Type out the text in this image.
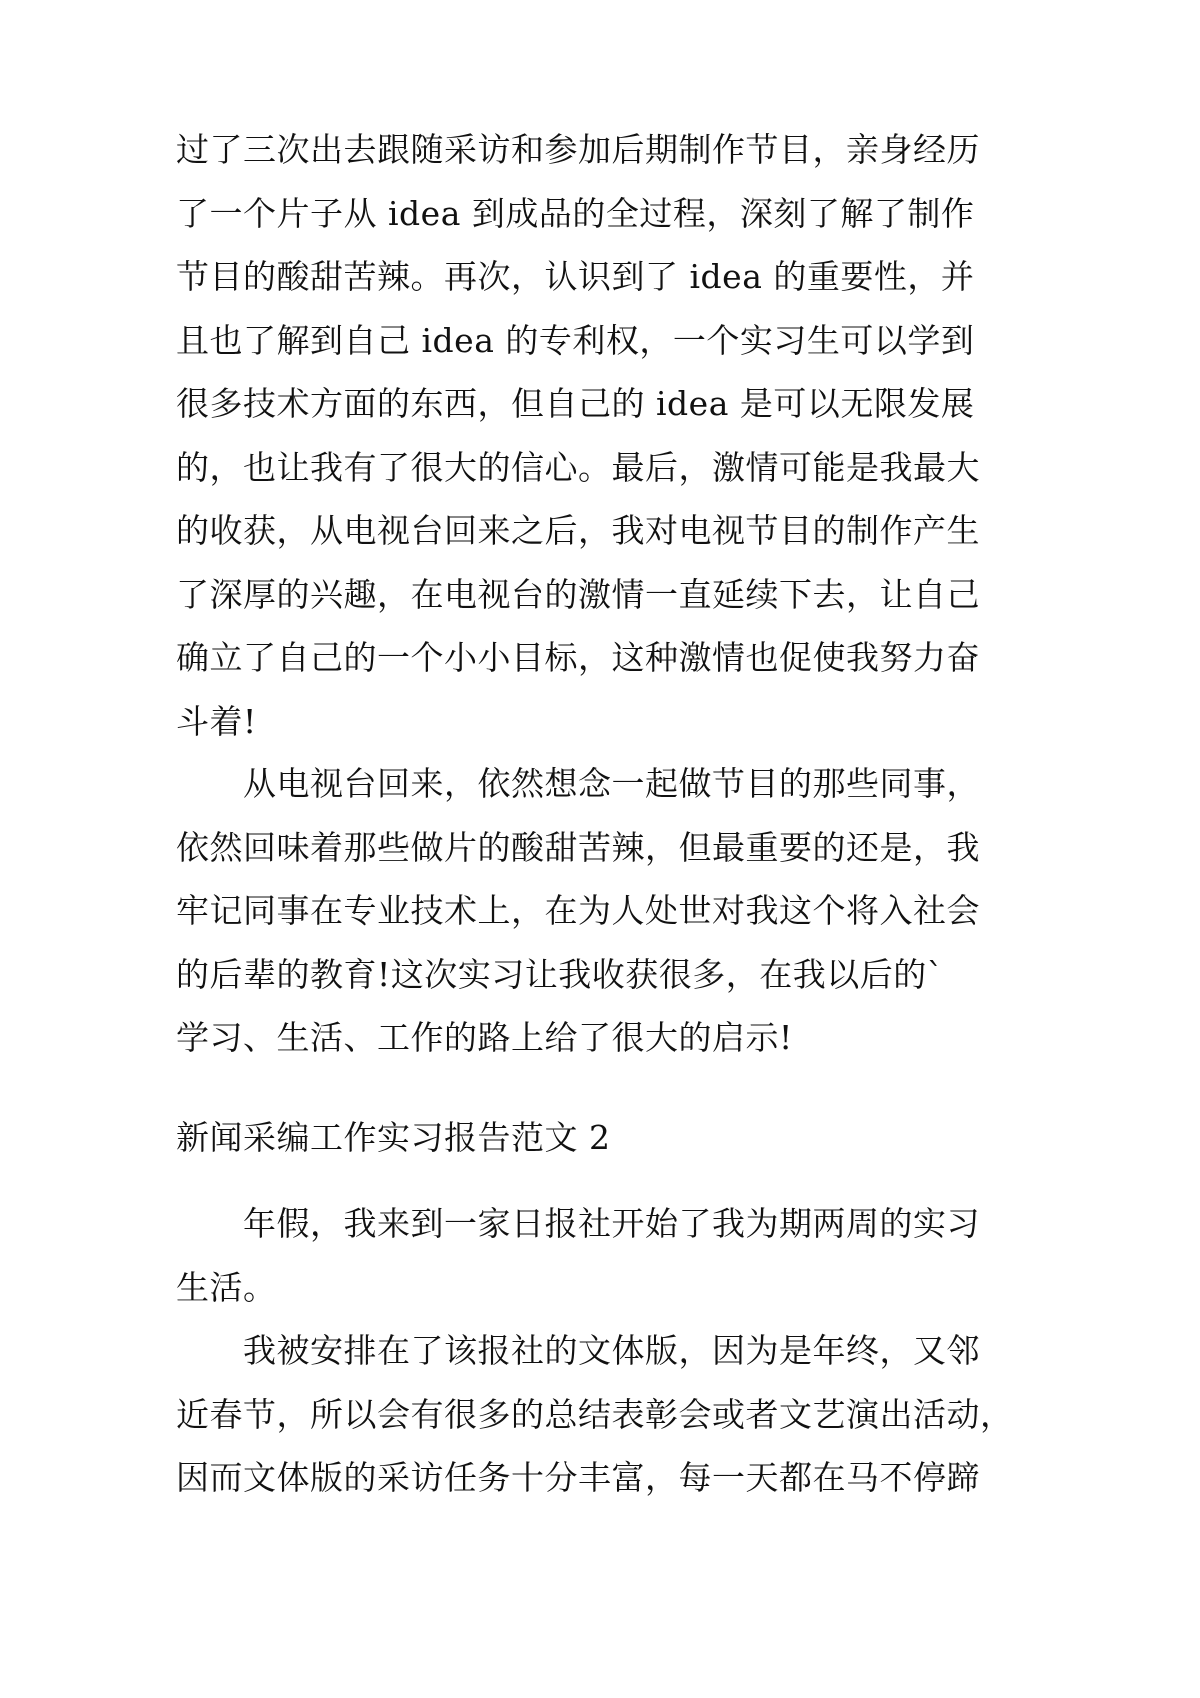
过了三次出去跟随采访和参加后期制作节目，亲身经历
了一个片子从 idea 到成品的全过程，深刻了解了制作
节目的酸甜苦辣。再次，认识到了 idea 的重要性，并
且也了解到自己 idea 的专利权，一个实习生可以学到
很多技术方面的东西，但自己的 idea 是可以无限发展
的，也让我有了很大的信心。最后，激情可能是我最大
的收获，从电视台回来之后，我对电视节目的制作产生
了深厚的兴趣，在电视台的激情一直延续下去，让自己
确立了自己的一个小小目标，这种激情也促使我努力奋
斗着!
　　从电视台回来，依然想念一起做节目的那些同事，
依然回味着那些做片的酸甜苦辣，但最重要的还是，我
牢记同事在专业技术上，在为人处世对我这个将入社会
的后辈的教育!这次实习让我收获很多，在我以后的`
学习、生活、工作的路上给了很大的启示!
新闻采编工作实习报告范文 2
　　年假，我来到一家日报社开始了我为期两周的实习
生活。
　　我被安排在了该报社的文体版，因为是年终，又邻
近春节，所以会有很多的总结表彰会或者文艺演出活动，
因而文体版的采访任务十分丰富，每一天都在马不停蹄
